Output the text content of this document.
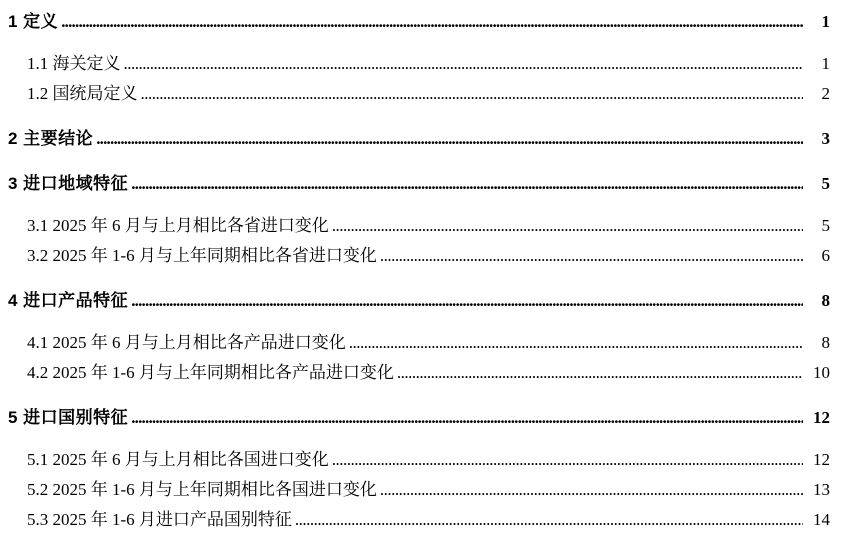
1 定义 .....	1
1.1 海关定义 .....	1
1.2 国统局定义 .....	2
2 主要结论 .....	3
3 进口地域特征 .....	5
3.1 2025 年 6 月与上月相比各省进口变化 .....	5
3.2 2025 年 1-6 月与上年同期相比各省进口变化 .....	6
4 进口产品特征 .....	8
4.1 2025 年 6 月与上月相比各产品进口变化 .....	8
4.2 2025 年 1-6 月与上年同期相比各产品进口变化 .....	10
5 进口国别特征 .....	12
5.1 2025 年 6 月与上月相比各国进口变化 .....	12
5.2 2025 年 1-6 月与上年同期相比各国进口变化 .....	13
5.3 2025 年 1-6 月进口产品国别特征 .....	14
